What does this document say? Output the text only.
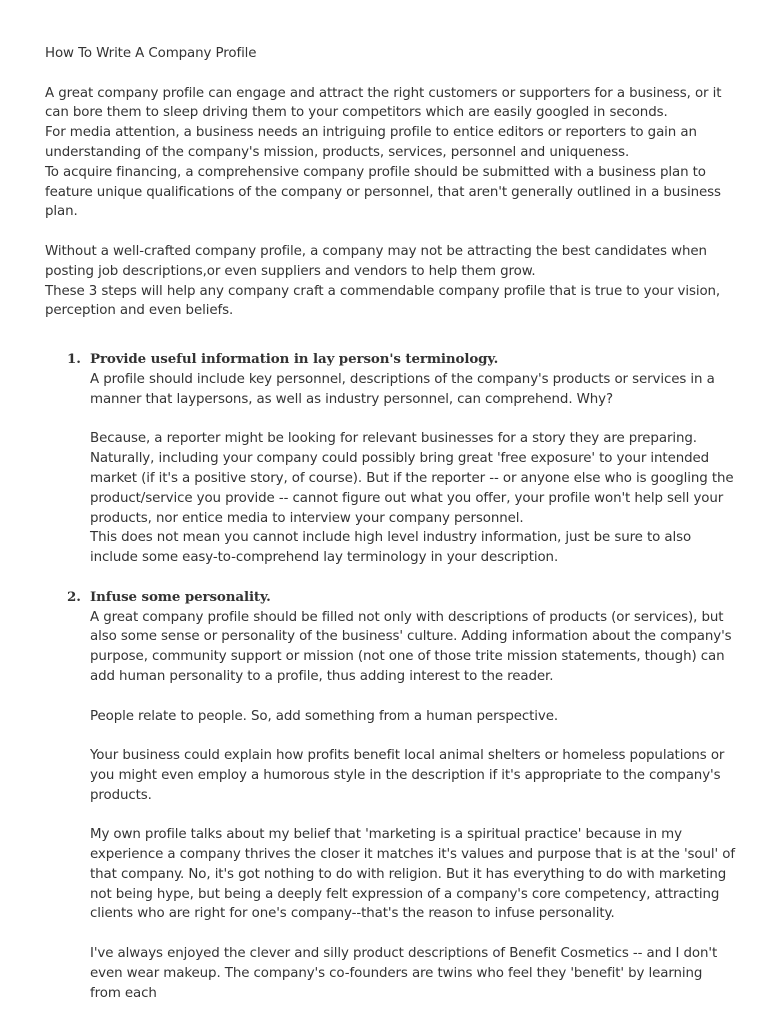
How To Write A Company Profile

A great company profile can engage and attract the right customers or supporters for a business, or it can bore them to sleep driving them to your competitors which are easily googled in seconds.

For media attention, a business needs an intriguing profile to entice editors or reporters to gain an understanding of the company's mission, products, services, personnel and uniqueness.

To acquire financing, a comprehensive company profile should be submitted with a business plan to feature unique qualifications of the company or personnel, that aren't generally outlined in a business plan.

Without a well-crafted company profile, a company may not be attracting the best candidates when posting job descriptions,or even suppliers and vendors to help them grow.

These 3 steps will help any company craft a commendable company profile that is true to your vision, perception and even beliefs.

1. Provide useful information in lay person's terminology.

A profile should include key personnel, descriptions of the company's products or services in a manner that laypersons, as well as industry personnel, can comprehend. Why?

Because, a reporter might be looking for relevant businesses for a story they are preparing. Naturally, including your company could possibly bring great 'free exposure' to your intended market (if it's a positive story, of course). But if the reporter -- or anyone else who is googling the product/service you provide -- cannot figure out what you offer, your profile won't help sell your products, nor entice media to interview your company personnel.

This does not mean you cannot include high level industry information, just be sure to also include some easy-to-comprehend lay terminology in your description.

2. Infuse some personality.

A great company profile should be filled not only with descriptions of products (or services), but also some sense or personality of the business' culture. Adding information about the company's purpose, community support or mission (not one of those trite mission statements, though) can add human personality to a profile, thus adding interest to the reader.

People relate to people. So, add something from a human perspective.

Your business could explain how profits benefit local animal shelters or homeless populations or you might even employ a humorous style in the description if it's appropriate to the company's products.

My own profile talks about my belief that 'marketing is a spiritual practice' because in my experience a company thrives the closer it matches it's values and purpose that is at the 'soul' of that company. No, it's got nothing to do with religion. But it has everything to do with marketing not being hype, but being a deeply felt expression of a company's core competency, attracting clients who are right for one's company--that's the reason to infuse personality.

I've always enjoyed the clever and silly product descriptions of Benefit Cosmetics -- and I don't even wear makeup. The company's co-founders are twins who feel they 'benefit' by learning from each
